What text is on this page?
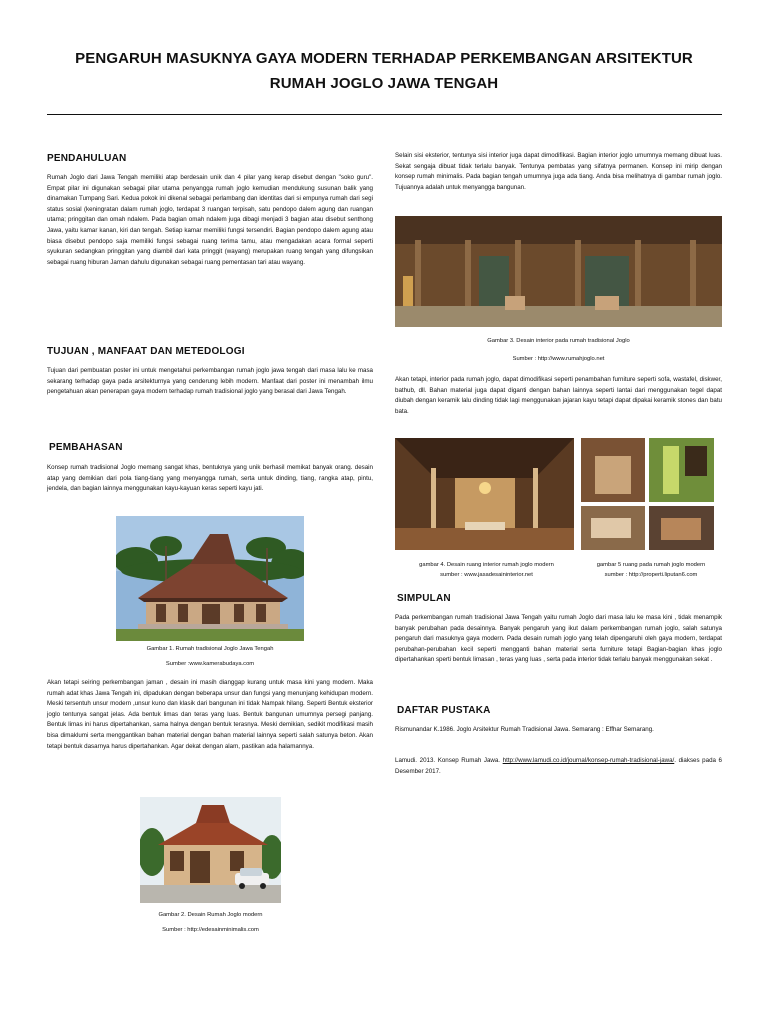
PENGARUH MASUKNYA GAYA MODERN TERHADAP PERKEMBANGAN ARSITEKTUR
RUMAH JOGLO JAWA TENGAH
PENDAHULUAN

Rumah Joglo dari Jawa Tengah memiliki atap berdesain unik dan 4 pilar yang kerap disebut dengan "soko guru". Empat pilar ini digunakan sebagai pilar utama penyangga rumah joglo kemudian mendukung susunan balik yang dinamakan Tumpang Sari. Kedua pokok ini dikenal sebagai perlambang dan identitas dari si empunya rumah dari segi status sosial (keningratan dalam rumah joglo, terdapat 3 ruangan terpisah, satu pendopo dalem agung dan ruangan utama; pringgitan dan omah ndalem. Pada bagian omah ndalem juga dibagi menjadi 3 bagian atau disebut senthong Jawa, yaitu kamar kanan, kiri dan tengah. Setiap kamar memiliki fungsi tersendiri. Bagian pendopo dalem agung atau biasa disebut pendopo saja memiliki fungsi sebagai ruang terima tamu, atau mengadakan acara formal seperti syukuran sedangkan pringgitan yang diambil dari kata pringgit (wayang) merupakan ruang tengah yang difungsikan sebagai ruang hiburan Jaman dahulu digunakan sebagai ruang pementasan tari atau wayang.

TUJUAN , MANFAAT DAN METEDOLOGI

Tujuan dari pembuatan poster ini untuk mengetahui perkembangan rumah joglo jawa tengah dari masa lalu ke masa sekarang terhadap gaya pada arsitekturnya yang cenderung lebih modern. Manfaat dari poster ini menambah ilmu pengetahuan akan penerapan gaya modern terhadap rumah tradisional joglo yang berasal dari Jawa Tengah.

PEMBAHASAN

Konsep rumah tradisional Joglo memang sangat khas, bentuknya yang unik berhasil memikat banyak orang. desain atap yang demikian dari pola tiang-tiang yang menyangga rumah, serta untuk dinding, tiang, rangka atap, pintu, jendela, dan bagian lainnya menggunakan kayu-kayuan keras seperti kayu jati.

Gambar 1. Rumah tradisional Joglo Jawa Tengah

Sumber :www.kamerabudaya.com

Akan tetapi seiring perkembangan jaman , desain ini masih dianggap kurang untuk masa kini yang modern. Maka rumah adat khas Jawa Tengah ini, dipadukan dengan beberapa unsur dan fungsi yang menunjang kehidupan modern. Meski tersentuh unsur modern ,unsur kuno dan klasik dari bangunan ini tidak Nampak hilang. Seperti Bentuk eksterior joglo tentunya sangat jelas. Ada bentuk limas dan teras yang luas. Bentuk bangunan umumnya persegi panjang. Bentuk limas ini harus dipertahankan, sama halnya dengan bentuk terasnya. Meski demikian, sedikit modifikasi masih bisa dimaklumi serta menggantikan bahan material dengan bahan material lainnya seperti salah satunya beton. Akan tetapi bentuk dasarnya harus dipertahankan. Agar dekat dengan alam, pastikan ada halamannya.

Gambar 2. Desain Rumah Joglo modern

Sumber : http://edesainminimalis.com

Selain sisi eksterior, tentunya sisi interior juga dapat dimodifikasi. Bagian interior joglo umumnya memang dibuat luas. Sekat sengaja dibuat tidak terlalu banyak. Tentunya pembatas yang sifatnya permanen. Konsep ini mirip dengan konsep rumah minimalis. Pada bagian tengah umumnya juga ada tiang. Anda bisa melihatnya di gambar rumah joglo. Tujuannya adalah untuk menyangga bangunan.

Gambar 3. Desain interior pada rumah tradisional Joglo

Sumber : http://www.rumahjoglo.net

Akan tetapi, interior pada rumah joglo, dapat dimodifikasi seperti penambahan furniture seperti sofa, wastafel, diskwer, bathub, dll. Bahan material juga dapat diganti dengan bahan lainnya seperti lantai dari menggunakan tegel dapat diubah dengan keramik lalu dinding tidak lagi menggunakan jajaran kayu tetapi dapat dipakai keramik stones dan batu bata.

gambar 4. Desain ruang interior rumah joglo modern

sumber : www.jasadesaininterior.net

gambar 5 ruang pada rumah joglo modern

sumber : http://properti.liputan6.com

SIMPULAN

Pada perkembangan rumah tradisional Jawa Tengah yaitu rumah Joglo dari masa lalu ke masa kini , tidak menampik banyak perubahan pada desainnya. Banyak pengaruh yang ikut dalam perkembangan rumah joglo, salah satunya pengaruh dari masuknya gaya modern. Pada desain rumah joglo yang telah dipengaruhi oleh gaya modern, terdapat perubahan-perubahan kecil seperti mengganti bahan material serta furniture tetapi Bagian-bagian khas joglo dipertahankan sperti bentuk limasan , teras yang luas , serta pada interior tidak terlalu banyak menggunakan sekat .

DAFTAR PUSTAKA

Rismunandar K.1986. Joglo Arsitektur Rumah Tradisional Jawa. Semarang : Effhar Semarang.

Lamudi. 2013. Konsep Rumah Jawa. http://www.lamudi.co.id/journal/konsep-rumah-tradisional-jawa/. diakses pada 6 Desember 2017.
